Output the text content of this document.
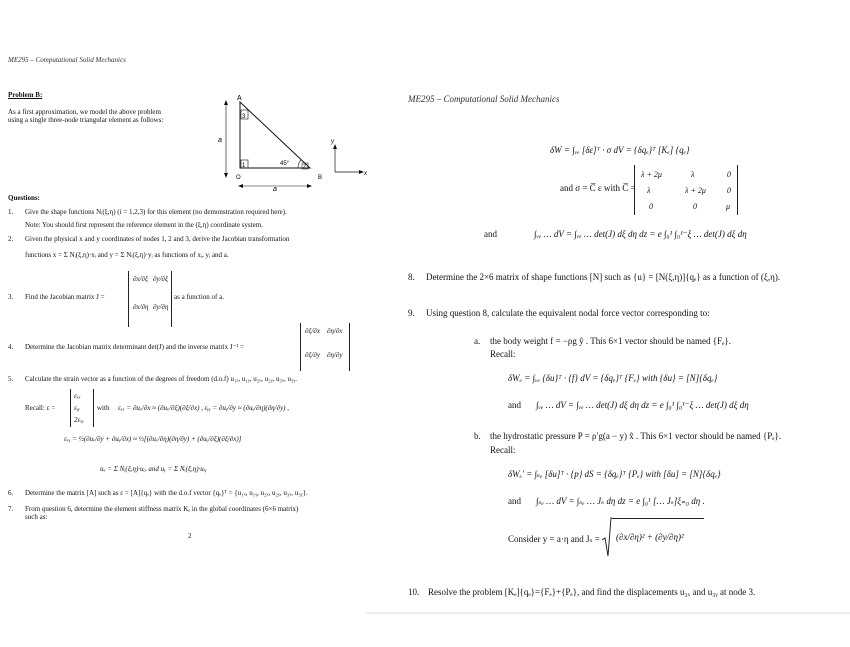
ME295 – Computational Solid Mechanics
Problem B:
As a first approximation, we model the above problem
using a single three-node triangular element as follows:
A
3
a
1	45°	2
O	B
a
y
x
Questions:
1. Give the shape functions Nᵢ(ξ,η) (i = 1,2,3) for this element (no demonstration required here).
Note: You should first represent the reference element in the (ξ,η) coordinate system.
2. Given the physical x and y coordinates of nodes 1, 2 and 3, derive the Jacobian transformation
functions x = Σ Nᵢ(ξ,η)·xᵢ and y = Σ Nᵢ(ξ,η)·yᵢ as functions of xᵢ, yᵢ and a.
3. Find the Jacobian matrix J =
∂x/∂ξ ∂y/∂ξ
∂x/∂η ∂y/∂η
as a function of a.
4. Determine the Jacobian matrix determinant det(J) and the inverse matrix J⁻¹ =
∂ξ/∂x ∂η/∂x
∂ξ/∂y ∂η/∂y
5. Calculate the strain vector as a function of the degrees of freedom (d.o.f) u₁ₓ, u₁ᵧ, u₂ₓ, u₂ᵧ, u₃ₓ, u₃ᵧ.
Recall: ε =
εₓₓ
εᵧᵧ
2εₓᵧ
with εₓₓ = ∂uₓ/∂x ≈ (∂uₓ/∂ξ)(∂ξ/∂x) , εᵧᵧ = ∂uᵧ/∂y ≈ (∂uᵧ/∂η)(∂η/∂y) ,
εₓᵧ = ½(∂uₓ/∂y + ∂uᵧ/∂x) ≈ ½[(∂uₓ/∂η)(∂η/∂y) + (∂uᵧ/∂ξ)(∂ξ/∂x)]
uₓ = Σ Nᵢ(ξ,η)·uᵢₓ and uᵧ = Σ Nᵢ(ξ,η)·uᵢᵧ
6. Determine the matrix [A] such as ε = [A]{qₑ} with the d.o.f vector {qₑ}ᵀ = {u₁ₓ, u₁ᵧ, u₂ₓ, u₂ᵧ, u₃ₓ, u₃ᵧ}.
7. From question 6, determine the element stiffness matrix Kₑ in the global coordinates (6×6 matrix)
such as:
2
ME295 – Computational Solid Mechanics
δW = ∫ᵥₑ [δε]ᵀ · σ dV = {δqₑ}ᵀ [Kₑ] {qₑ}
and σ = C̅ ε with C̅ =
λ + 2μ	λ	0
λ	λ + 2μ	0
0	0	μ
and	∫ᵥₑ … dV = ∫ᵥₑ … det(J) dξ dη dz = e ∫₀¹ ∫₀¹⁻ξ … det(J) dξ dη
8. Determine the 2×6 matrix of shape functions [N] such as {u} = [N(ξ,η)]{qₑ} as a function of (ξ,η).
9. Using question 8, calculate the equivalent nodal force vector corresponding to:
a. the body weight f = −ρg ŷ . This 6×1 vector should be named {Fₑ}.
Recall:
δWₑ = ∫ᵥₑ {δu}ᵀ · {f} dV = {δqₑ}ᵀ {Fₑ} with {δu} = [N]{δqₑ}
and ∫ᵥₑ … dV = ∫ᵥₑ … det(J) dξ dη dz = e ∫₀¹ ∫₀¹⁻ξ … det(J) dξ dη
b. the hydrostatic pressure P = ρ′g(a − y) x̂ . This 6×1 vector should be named {Pₑ}.
Recall:
δWₑ′ = ∫ₛₑ [δu]ᵀ · {p} dS = {δqₑ}ᵀ {Pₑ} with [δu] = [N]{δqₑ}
and ∫ₛₑ … dV = ∫ₛₑ … Jₛ dη dz = e ∫₀¹ [… Jₛ]ξ₌₀ dη .
Consider y = a·η and Jₛ = (∂x/∂η)² + (∂y/∂η)²
10. Resolve the problem [Kₑ]{qₑ}={Fₑ}+{Pₑ}, and find the displacements u₃ₓ and u₃ᵧ at node 3.
